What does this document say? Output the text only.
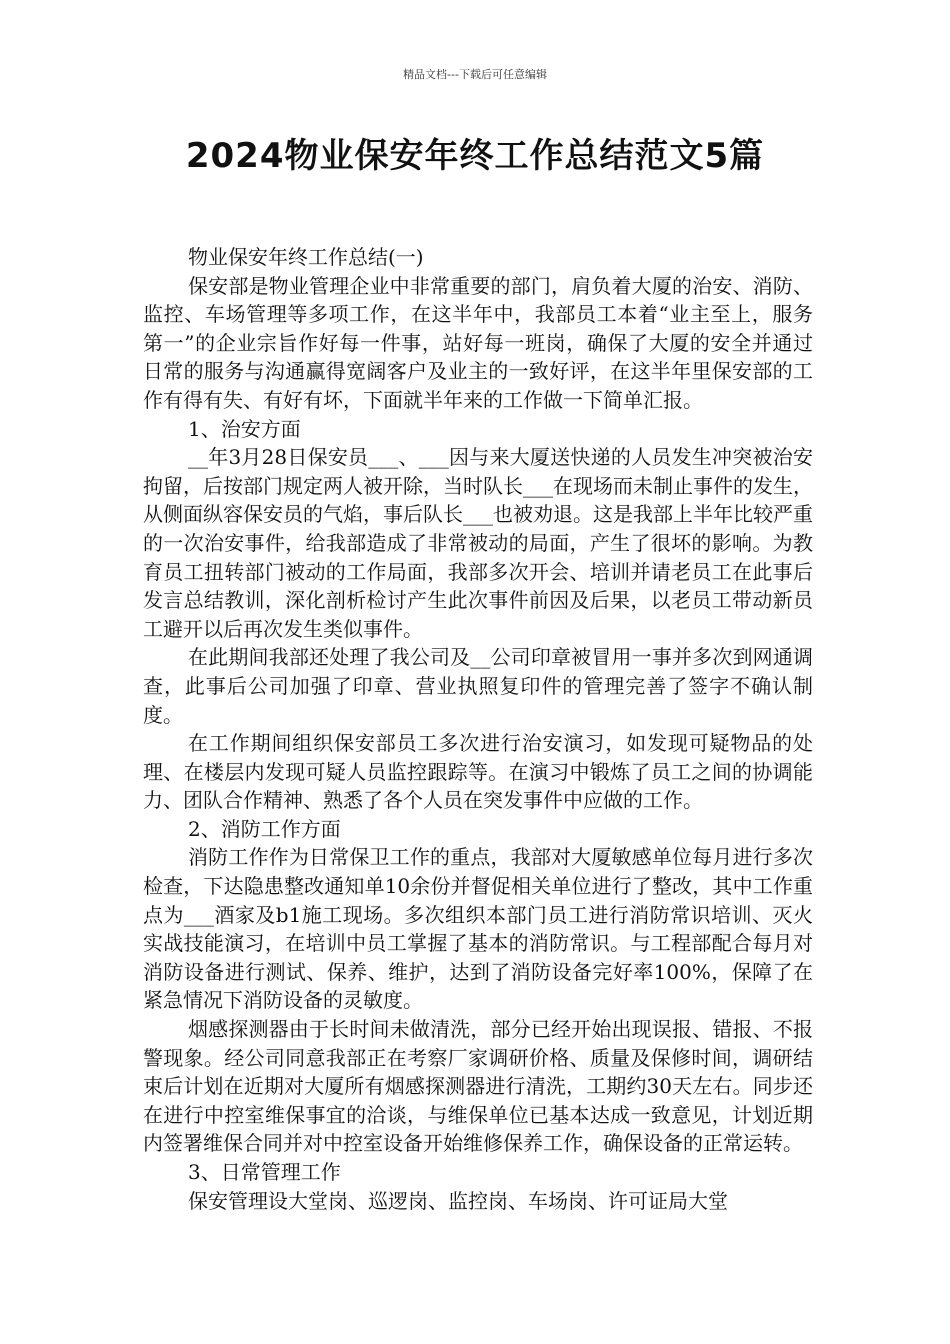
精品文档---下载后可任意编辑
2024物业保安年终工作总结范文5篇

物业保安年终工作总结(一)

保安部是物业管理企业中非常重要的部门，肩负着大厦的治安、消防、监控、车场管理等多项工作，在这半年中，我部员工本着“业主至上，服务第一”的企业宗旨作好每一件事，站好每一班岗，确保了大厦的安全并通过日常的服务与沟通赢得宽阔客户及业主的一致好评，在这半年里保安部的工作有得有失、有好有坏，下面就半年来的工作做一下简单汇报。

1、治安方面

__年3月28日保安员___、___因与来大厦送快递的人员发生冲突被治安拘留，后按部门规定两人被开除，当时队长___在现场而未制止事件的发生，从侧面纵容保安员的气焰，事后队长___也被劝退。这是我部上半年比较严重的一次治安事件，给我部造成了非常被动的局面，产生了很坏的影响。为教育员工扭转部门被动的工作局面，我部多次开会、培训并请老员工在此事后发言总结教训，深化剖析检讨产生此次事件前因及后果，以老员工带动新员工避开以后再次发生类似事件。

在此期间我部还处理了我公司及__公司印章被冒用一事并多次到网通调查，此事后公司加强了印章、营业执照复印件的管理完善了签字不确认制度。

在工作期间组织保安部员工多次进行治安演习，如发现可疑物品的处理、在楼层内发现可疑人员监控跟踪等。在演习中锻炼了员工之间的协调能力、团队合作精神、熟悉了各个人员在突发事件中应做的工作。

2、消防工作方面

消防工作作为日常保卫工作的重点，我部对大厦敏感单位每月进行多次检查，下达隐患整改通知单10余份并督促相关单位进行了整改，其中工作重点为___酒家及b1施工现场。多次组织本部门员工进行消防常识培训、灭火实战技能演习，在培训中员工掌握了基本的消防常识。与工程部配合每月对消防设备进行测试、保养、维护，达到了消防设备完好率100%，保障了在紧急情况下消防设备的灵敏度。

烟感探测器由于长时间未做清洗，部分已经开始出现误报、错报、不报警现象。经公司同意我部正在考察厂家调研价格、质量及保修时间，调研结束后计划在近期对大厦所有烟感探测器进行清洗，工期约30天左右。同步还在进行中控室维保事宜的洽谈，与维保单位已基本达成一致意见，计划近期内签署维保合同并对中控室设备开始维修保养工作，确保设备的正常运转。

3、日常管理工作

保安管理设大堂岗、巡逻岗、监控岗、车场岗、许可证局大堂
